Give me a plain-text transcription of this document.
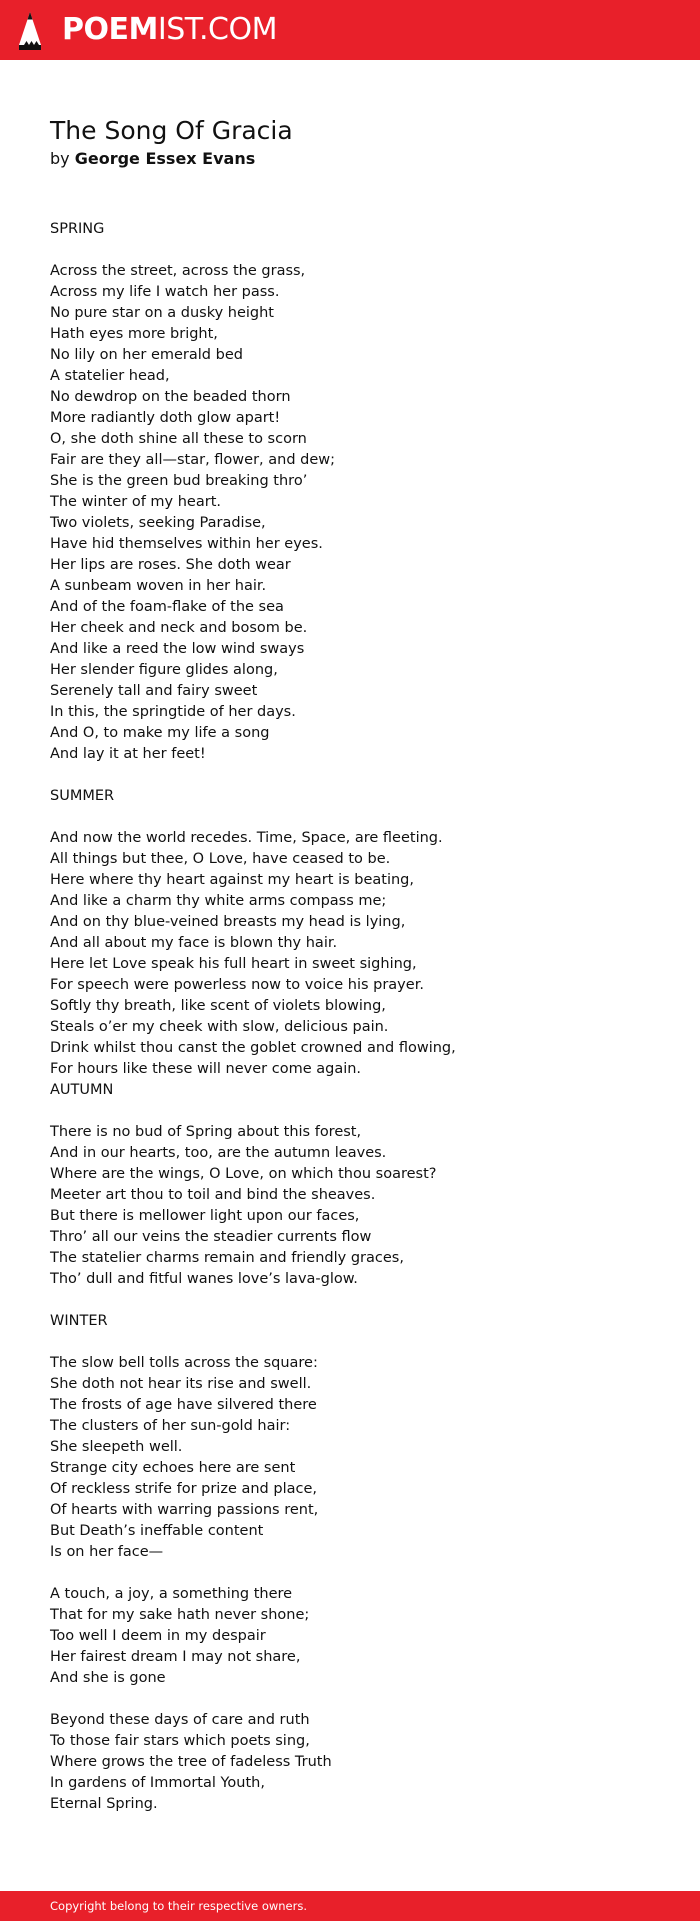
POEMIST.COM
The Song Of Gracia
by George Essex Evans
SPRING
Across the street, across the grass,
Across my life I watch her pass.
No pure star on a dusky height
Hath eyes more bright,
No lily on her emerald bed
A statelier head,
No dewdrop on the beaded thorn
More radiantly doth glow apart!
O, she doth shine all these to scorn
Fair are they all—star, flower, and dew;
She is the green bud breaking thro’
The winter of my heart.
Two violets, seeking Paradise,
Have hid themselves within her eyes.
Her lips are roses. She doth wear
A sunbeam woven in her hair.
And of the foam-flake of the sea
Her cheek and neck and bosom be.
And like a reed the low wind sways
Her slender figure glides along,
Serenely tall and fairy sweet
In this, the springtide of her days.
And O, to make my life a song
And lay it at her feet!
SUMMER
And now the world recedes. Time, Space, are fleeting.
All things but thee, O Love, have ceased to be.
Here where thy heart against my heart is beating,
And like a charm thy white arms compass me;
And on thy blue-veined breasts my head is lying,
And all about my face is blown thy hair.
Here let Love speak his full heart in sweet sighing,
For speech were powerless now to voice his prayer.
Softly thy breath, like scent of violets blowing,
Steals o’er my cheek with slow, delicious pain.
Drink whilst thou canst the goblet crowned and flowing,
For hours like these will never come again.
AUTUMN
There is no bud of Spring about this forest,
And in our hearts, too, are the autumn leaves.
Where are the wings, O Love, on which thou soarest?
Meeter art thou to toil and bind the sheaves.
But there is mellower light upon our faces,
Thro’ all our veins the steadier currents flow
The statelier charms remain and friendly graces,
Tho’ dull and fitful wanes love’s lava-glow.
WINTER
The slow bell tolls across the square:
She doth not hear its rise and swell.
The frosts of age have silvered there
The clusters of her sun-gold hair:
She sleepeth well.
Strange city echoes here are sent
Of reckless strife for prize and place,
Of hearts with warring passions rent,
But Death’s ineffable content
Is on her face—
A touch, a joy, a something there
That for my sake hath never shone;
Too well I deem in my despair
Her fairest dream I may not share,
And she is gone
Beyond these days of care and ruth
To those fair stars which poets sing,
Where grows the tree of fadeless Truth
In gardens of Immortal Youth,
Eternal Spring.
Copyright belong to their respective owners.
